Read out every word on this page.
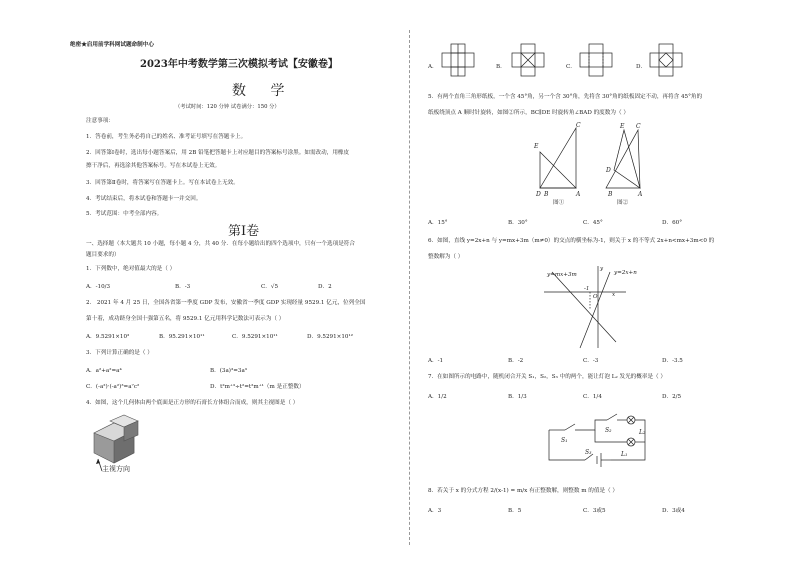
绝密★启用前学科网试题命制中心
2023年中考数学第三次模拟考试【安徽卷】
数 学
（考试时间：120 分钟 试卷满分：150 分）
注意事项：
1．答卷前，考生务必将自己的姓名、准考证号填写在答题卡上。
2．回答第Ⅰ卷时，选出每小题答案后，用 2B 铅笔把答题卡上对应题目的答案标号涂黑。如需改动，用橡皮
擦干净后，再选涂其他答案标号。写在本试卷上无效。
3．回答第Ⅱ卷时，将答案写在答题卡上。写在本试卷上无效。
4．考试结束后，将本试卷和答题卡一并交回。
5．考试范围：中考全部内容。
第Ⅰ卷
一、选择题（本大题共 10 小题，每小题 4 分，共 40 分．在每小题给出的四个选项中，只有一个选项是符合
题目要求的）
1．下列数中，绝对值最大的是（ ）
A．-10/3	B．-3	C．√5	D．2
2． 2021 年 4 月 25 日，全国各省第一季度 GDP 发布，安徽省一季度 GDP 实现经量 9529.1 亿元，位列全国
第十着，成功跻身全国十强第五名，将 9529.1 亿元用科学记数法可表示为（ ）
A．9.5291×10³	B．95.291×10¹¹	C．9.5291×10¹¹	D．9.5291×10¹²
3．下列计算正确的是（ ）
A．a²+a²=a⁴	B．(3a)³=3a³
C．(-a²)·(-a²)³=a⁷c²	D．t²m⁺³÷t²=t²m⁺¹（m 是正整数）
4．如图，这个几何体由两个底面是正方形的石膏长方体组合而成，则其主视图是（ ）
主视方向
A．	B．	C．	D．
5．有两个直角三角形纸板，一个含 45°角，另一个含 30°角，先将含 30°角的纸板固定不动，再将含 45°角的
纸板绕顶点 A 顺时针旋转，如图②所示，BC∥DE 时旋转角∠BAD 的度数为（ ）
E
C
D B	A
E C
D
B	A
图①	图②
A．15°	B．30°	C．45°	D．60°
6．如图，直线 y=2x+n 与 y=mx+3m（m≠0）的交点的横坐标为-1，则关于 x 的不等式 2x+n<mx+3m<0 的
整数解为（ ）
x
y
O
-1
y=mx+3m	y=2x+n
A．-1	B．-2	C．-3	D．-3.5
7．在如图所示的电路中，随机闭合开关 S₁，S₂，S₃ 中的两个，能让灯泡 L₂ 发光的概率是（ ）
A．1/2	B．1/3	C．1/4	D．2/5
S₁
S₂
S₃
L₂
L₁
8．若关于 x 的分式方程 2/(x-1) = m/x 有正整数解，则整数 m 的值是（ ）
A．3	B．5	C．3或5	D．3或4
